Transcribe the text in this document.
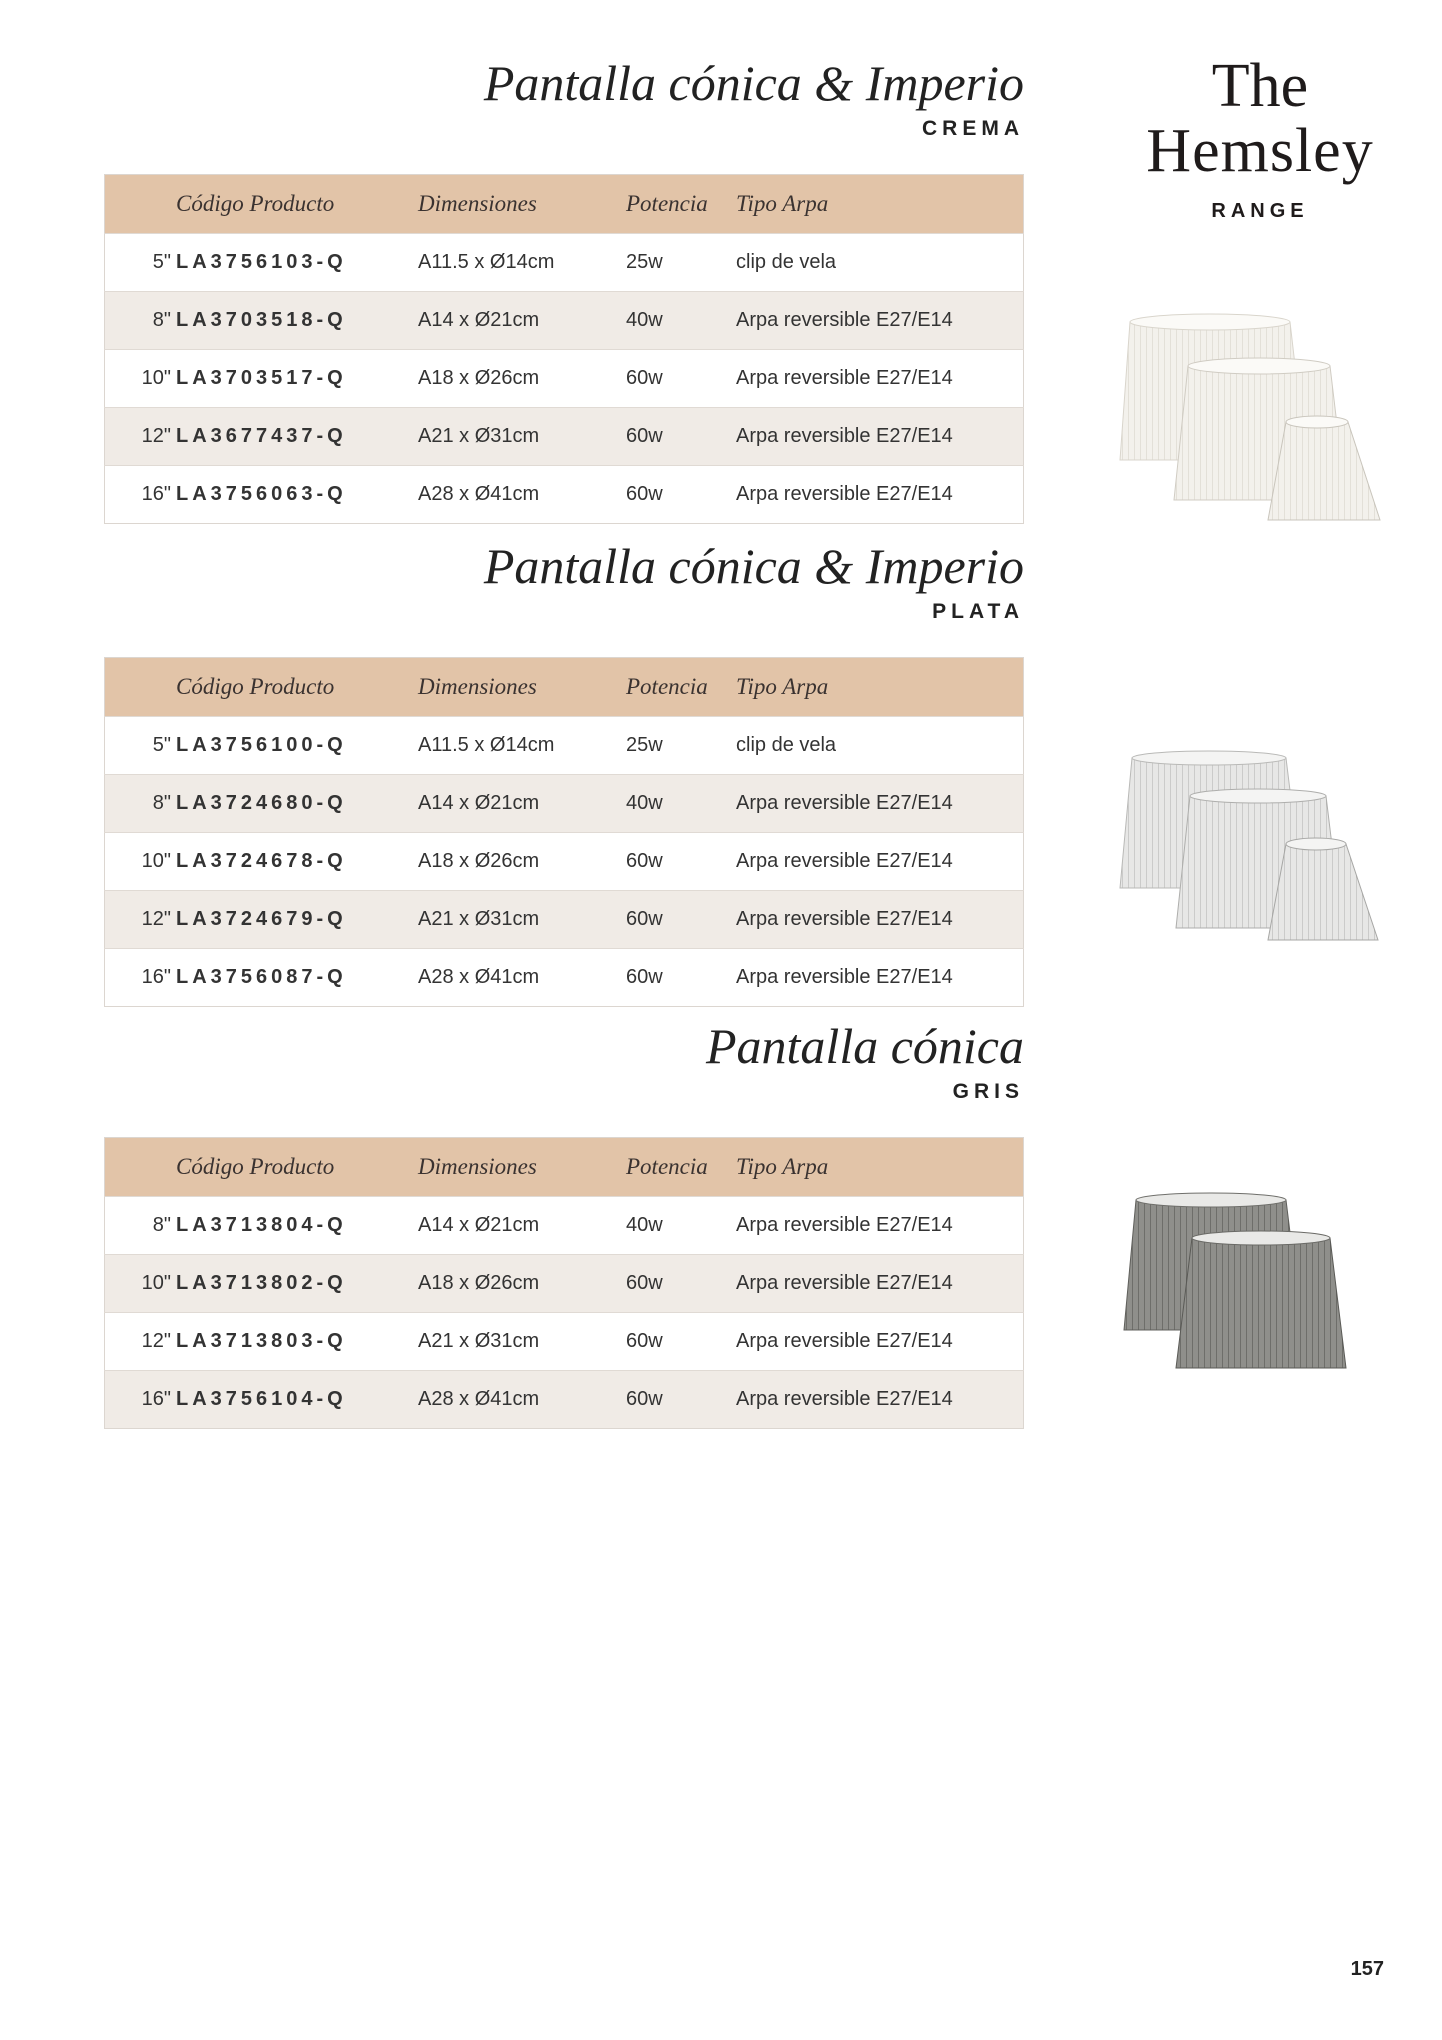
The
Hemsley
RANGE
Pantalla cónica & Imperio
CREMA
	Código Producto	Dimensiones	Potencia	Tipo Arpa
5"	LA3756103-Q	A11.5 x Ø14cm	25w	clip de vela
8"	LA3703518-Q	A14 x Ø21cm	40w	Arpa reversible E27/E14
10"	LA3703517-Q	A18 x Ø26cm	60w	Arpa reversible E27/E14
12"	LA3677437-Q	A21 x Ø31cm	60w	Arpa reversible E27/E14
16"	LA3756063-Q	A28 x Ø41cm	60w	Arpa reversible E27/E14
Pantalla cónica & Imperio
PLATA
	Código Producto	Dimensiones	Potencia	Tipo Arpa
5"	LA3756100-Q	A11.5 x Ø14cm	25w	clip de vela
8"	LA3724680-Q	A14 x Ø21cm	40w	Arpa reversible E27/E14
10"	LA3724678-Q	A18 x Ø26cm	60w	Arpa reversible E27/E14
12"	LA3724679-Q	A21 x Ø31cm	60w	Arpa reversible E27/E14
16"	LA3756087-Q	A28 x Ø41cm	60w	Arpa reversible E27/E14
Pantalla cónica
GRIS
	Código Producto	Dimensiones	Potencia	Tipo Arpa
8"	LA3713804-Q	A14 x Ø21cm	40w	Arpa reversible E27/E14
10"	LA3713802-Q	A18 x Ø26cm	60w	Arpa reversible E27/E14
12"	LA3713803-Q	A21 x Ø31cm	60w	Arpa reversible E27/E14
16"	LA3756104-Q	A28 x Ø41cm	60w	Arpa reversible E27/E14
157
